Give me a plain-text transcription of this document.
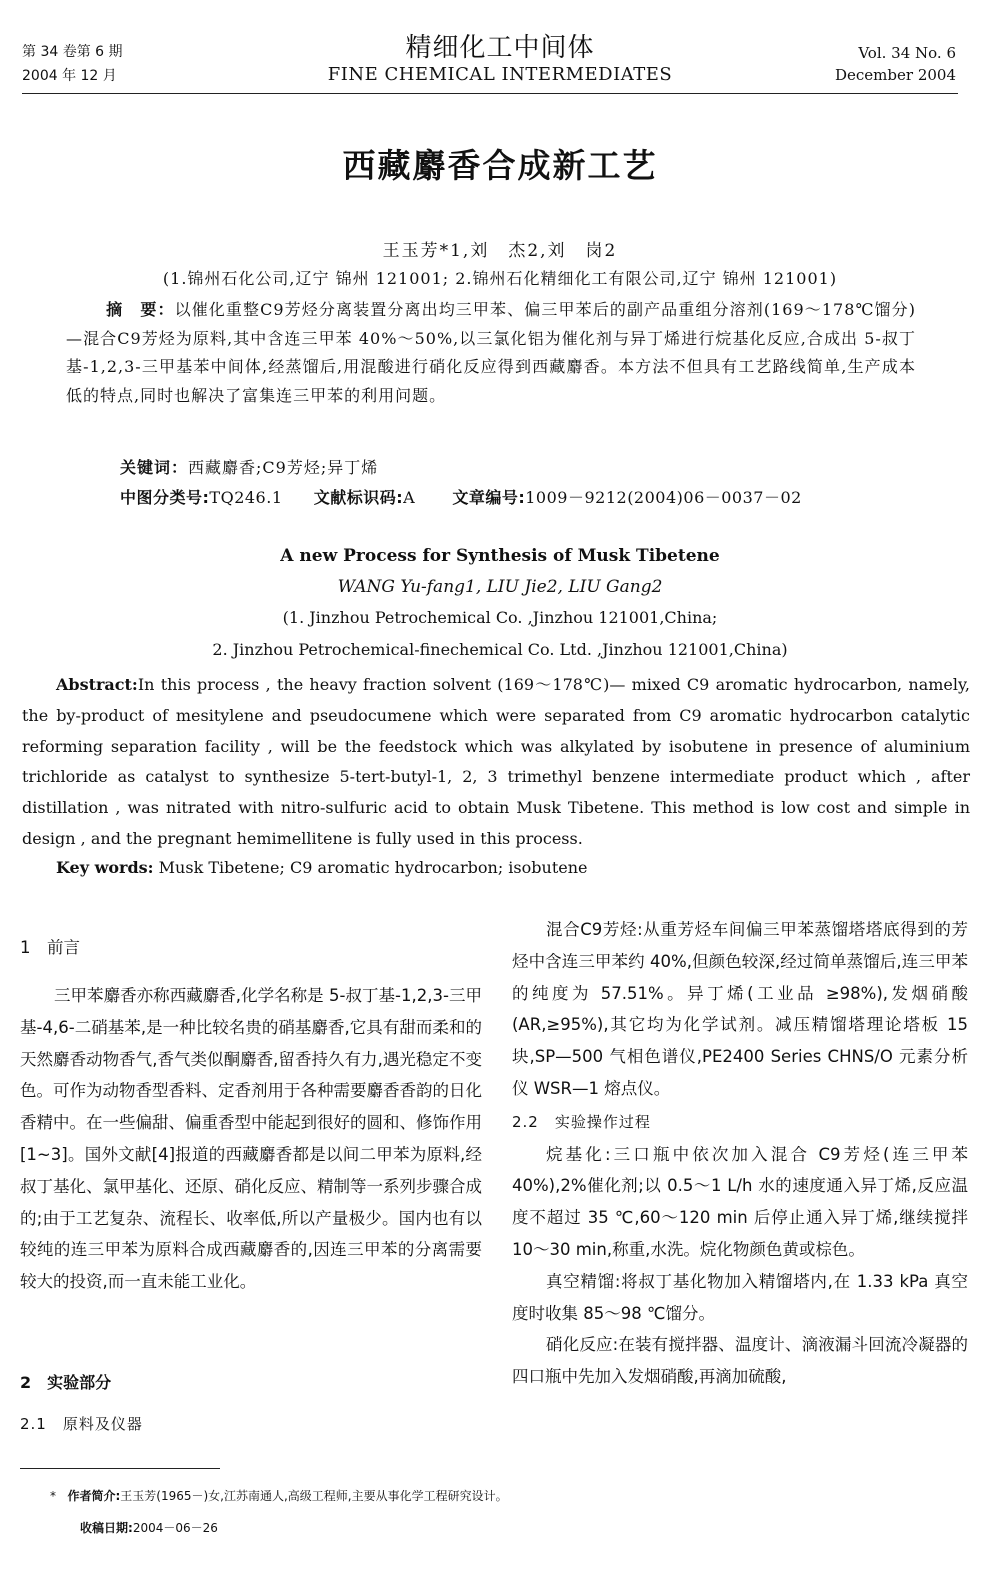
第 34 卷第 6 期
2004 年 12 月
精细化工中间体
FINE CHEMICAL INTERMEDIATES
Vol. 34 No. 6
December 2004
西藏麝香合成新工艺
王玉芳*1,刘　杰2,刘　岗2
(1.锦州石化公司,辽宁 锦州 121001; 2.锦州石化精细化工有限公司,辽宁 锦州 121001)
摘　要：以催化重整C9芳烃分离装置分离出均三甲苯、偏三甲苯后的副产品重组分溶剂(169～178℃馏分)—混合C9芳烃为原料,其中含连三甲苯 40%～50%,以三氯化铝为催化剂与异丁烯进行烷基化反应,合成出 5-叔丁基-1,2,3-三甲基苯中间体,经蒸馏后,用混酸进行硝化反应得到西藏麝香。本方法不但具有工艺路线简单,生产成本低的特点,同时也解决了富集连三甲苯的利用问题。
关键词：西藏麝香;C9芳烃;异丁烯
中图分类号:TQ246.1 文献标识码:A 文章编号:1009－9212(2004)06－0037－02
A new Process for Synthesis of Musk Tibetene
WANG Yu-fang1, LIU Jie2, LIU Gang2
(1. Jinzhou Petrochemical Co. ,Jinzhou 121001,China;
2. Jinzhou Petrochemical-finechemical Co. Ltd. ,Jinzhou 121001,China)

Abstract:In this process , the heavy fraction solvent (169～178℃)— mixed C9 aromatic hydrocarbon, namely, the by-product of mesitylene and pseudocumene which were separated from C9 aromatic hydrocarbon catalytic reforming separation facility , will be the feedstock which was alkylated by isobutene in presence of aluminium trichloride as catalyst to synthesize 5-tert-butyl-1, 2, 3 trimethyl benzene intermediate product which , after distillation , was nitrated with nitro-sulfuric acid to obtain Musk Tibetene. This method is low cost and simple in design , and the pregnant hemimellitene is fully used in this process.

Key words: Musk Tibetene; C9 aromatic hydrocarbon; isobutene
1　前言

三甲苯麝香亦称西藏麝香,化学名称是 5-叔丁基-1,2,3-三甲基-4,6-二硝基苯,是一种比较名贵的硝基麝香,它具有甜而柔和的天然麝香动物香气,香气类似酮麝香,留香持久有力,遇光稳定不变色。可作为动物香型香料、定香剂用于各种需要麝香香韵的日化香精中。在一些偏甜、偏重香型中能起到很好的圆和、修饰作用[1~3]。国外文献[4]报道的西藏麝香都是以间二甲苯为原料,经叔丁基化、氯甲基化、还原、硝化反应、精制等一系列步骤合成的;由于工艺复杂、流程长、收率低,所以产量极少。国内也有以较纯的连三甲苯为原料合成西藏麝香的,因连三甲苯的分离需要较大的投资,而一直未能工业化。

2　实验部分
2.1　原料及仪器

混合C9芳烃:从重芳烃车间偏三甲苯蒸馏塔塔底得到的芳烃中含连三甲苯约 40%,但颜色较深,经过简单蒸馏后,连三甲苯的纯度为 57.51%。异丁烯(工业品 ≥98%),发烟硝酸(AR,≥95%),其它均为化学试剂。减压精馏塔理论塔板 15 块,SP—500 气相色谱仪,PE2400 Series CHNS/O 元素分析仪 WSR—1 熔点仪。

2.2　实验操作过程

烷基化:三口瓶中依次加入混合 C9芳烃(连三甲苯 40%),2%催化剂;以 0.5～1 L/h 水的速度通入异丁烯,反应温度不超过 35 ℃,60～120 min 后停止通入异丁烯,继续搅拌 10～30 min,称重,水洗。烷化物颜色黄或棕色。

真空精馏:将叔丁基化物加入精馏塔内,在 1.33 kPa 真空度时收集 85～98 ℃馏分。

硝化反应:在装有搅拌器、温度计、滴液漏斗回流冷凝器的四口瓶中先加入发烟硝酸,再滴加硫酸,

* 作者简介:王玉芳(1965－)女,江苏南通人,高级工程师,主要从事化学工程研究设计。
收稿日期:2004－06－26
